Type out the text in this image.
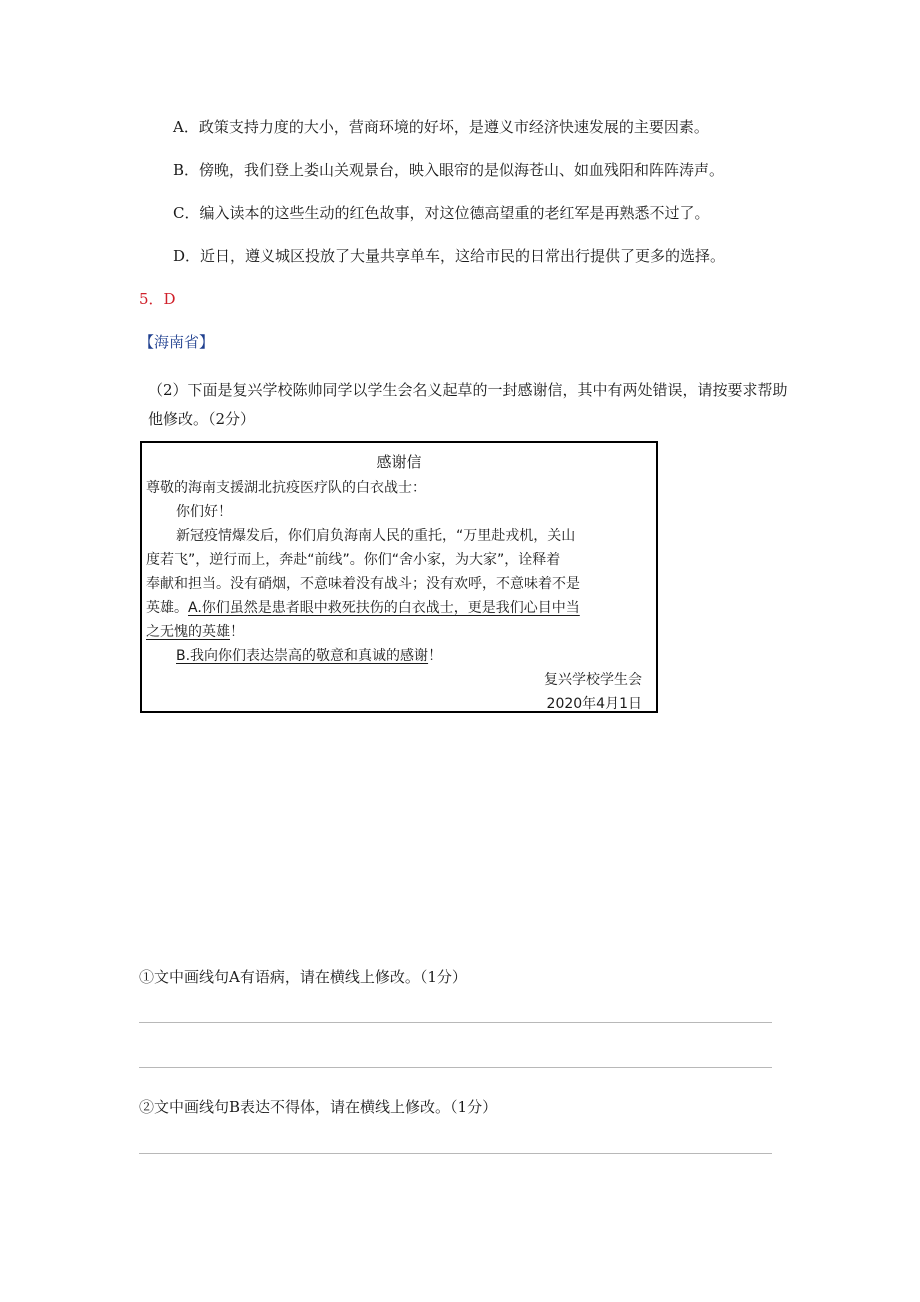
A．政策支持力度的大小，营商环境的好坏，是遵义市经济快速发展的主要因素。
B．傍晚，我们登上娄山关观景台，映入眼帘的是似海苍山、如血残阳和阵阵涛声。
C．编入读本的这些生动的红色故事，对这位德高望重的老红军是再熟悉不过了。
D．近日，遵义城区投放了大量共享单车，这给市民的日常出行提供了更多的选择。
5．D
【海南省】
（2）下面是复兴学校陈帅同学以学生会名义起草的一封感谢信，其中有两处错误，请按要求帮助他修改。（2分）
感谢信
尊敬的海南支援湖北抗疫医疗队的白衣战士：
你们好！
新冠疫情爆发后，你们肩负海南人民的重托，“万里赴戎机，关山
度若飞”，逆行而上，奔赴“前线”。你们“舍小家，为大家”，诠释着
奉献和担当。没有硝烟，不意味着没有战斗；没有欢呼，不意味着不是
英雄。A.你们虽然是患者眼中救死扶伤的白衣战士，更是我们心目中当
之无愧的英雄！
B.我向你们表达崇高的敬意和真诚的感谢！
复兴学校学生会
2020年4月1日
①文中画线句A有语病，请在横线上修改。（1分）
②文中画线句B表达不得体，请在横线上修改。（1分）
